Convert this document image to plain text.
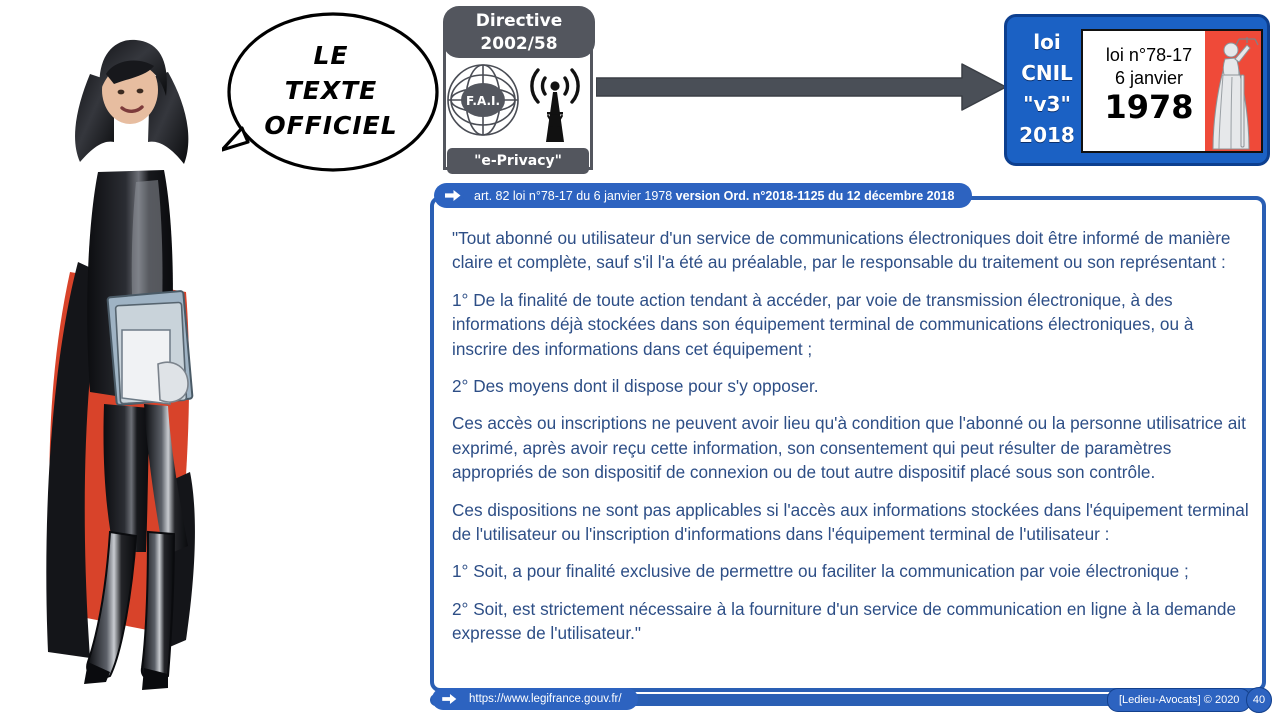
LE
TEXTE
OFFICIEL
F.A.I.
Directive
2002/58
"e-Privacy"
loi
CNIL
"v3"
2018
loi n°78-17
6 janvier
1978
art. 82 loi n°78-17 du 6 janvier 1978 version Ord. n°2018-1125 du 12 décembre 2018

"Tout abonné ou utilisateur d'un service de communications électroniques doit être informé de manière claire et complète, sauf s'il l'a été au préalable, par le responsable du traitement ou son représentant :

1° De la finalité de toute action tendant à accéder, par voie de transmission électronique, à des informations déjà stockées dans son équipement terminal de communications électroniques, ou à inscrire des informations dans cet équipement ;

2° Des moyens dont il dispose pour s'y opposer.

Ces accès ou inscriptions ne peuvent avoir lieu qu'à condition que l'abonné ou la personne utilisatrice ait exprimé, après avoir reçu cette information, son consentement qui peut résulter de paramètres appropriés de son dispositif de connexion ou de tout autre dispositif placé sous son contrôle.

Ces dispositions ne sont pas applicables si l'accès aux informations stockées dans l'équipement terminal de l'utilisateur ou l'inscription d'informations dans l'équipement terminal de l'utilisateur :

1° Soit, a pour finalité exclusive de permettre ou faciliter la communication par voie électronique ;

2° Soit, est strictement nécessaire à la fourniture d'un service de communication en ligne à la demande expresse de l'utilisateur."

https://www.legifrance.gouv.fr/	[Ledieu-Avocats] © 2020 40
